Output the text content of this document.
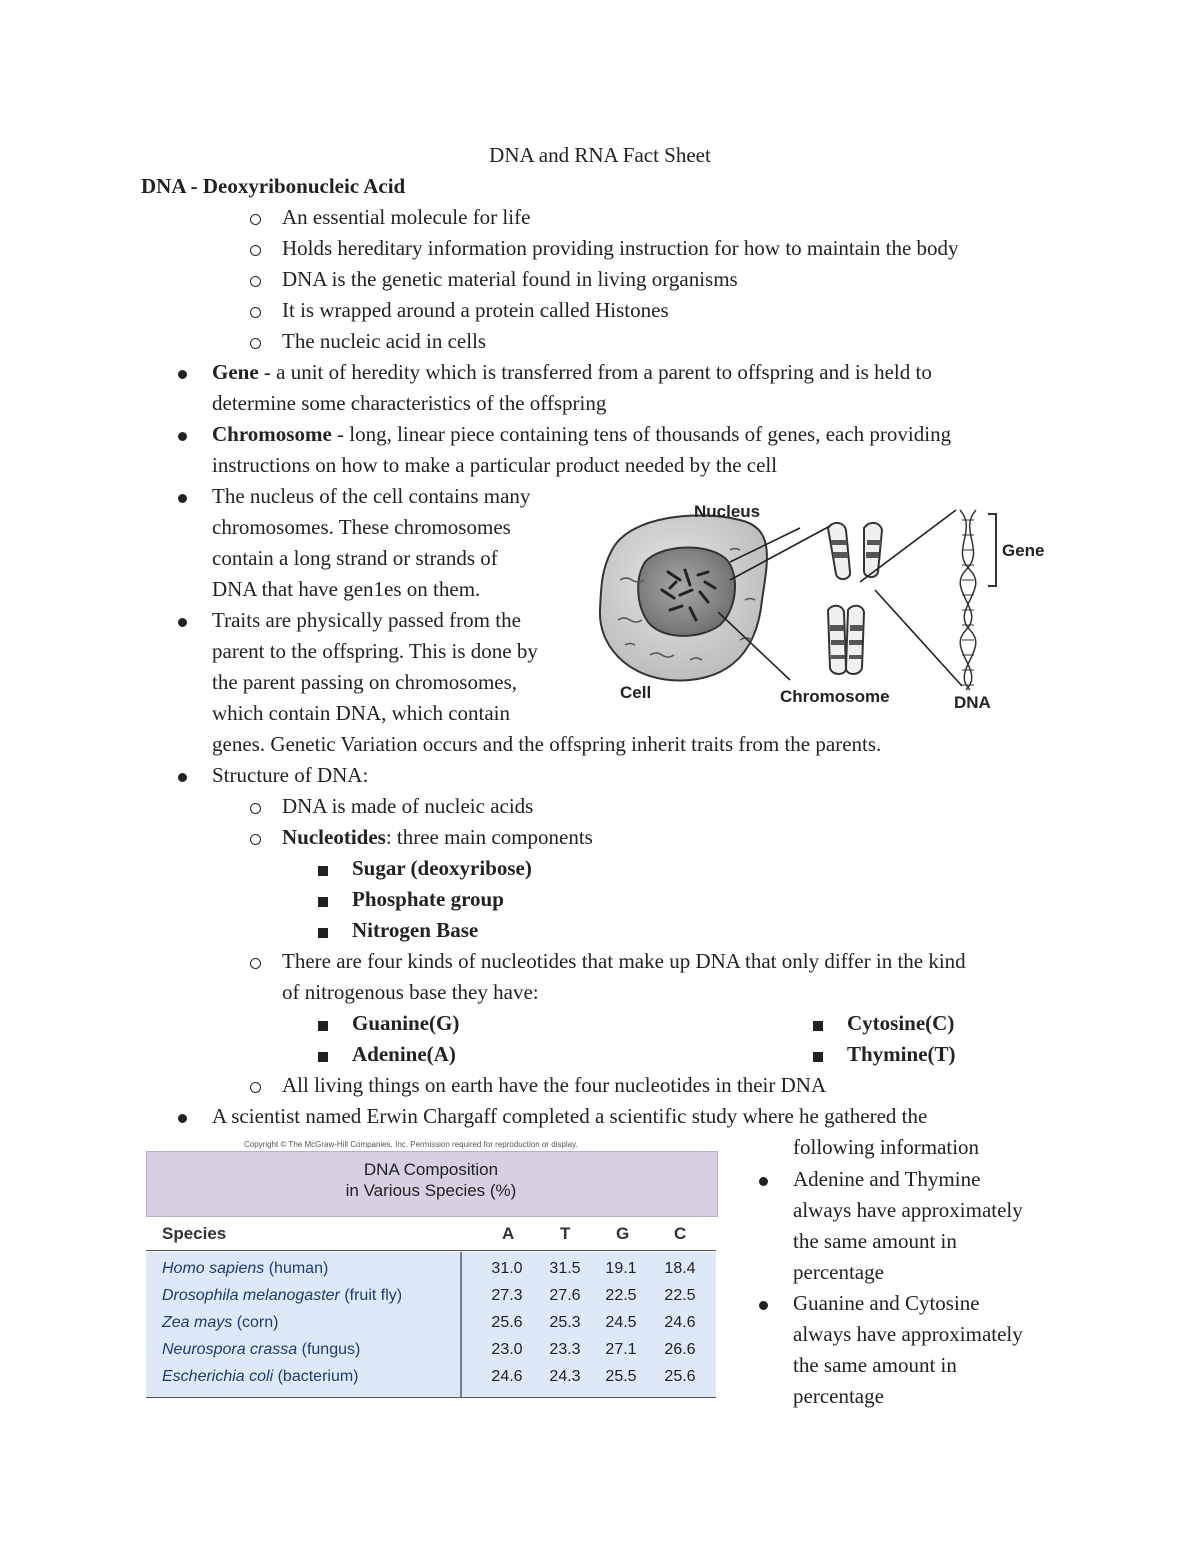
DNA and RNA Fact Sheet
DNA - Deoxyribonucleic Acid
An essential molecule for life
Holds hereditary information providing instruction for how to maintain the body
DNA is the genetic material found in living organisms
It is wrapped around a protein called Histones
The nucleic acid in cells
Gene - a unit of heredity which is transferred from a parent to offspring and is held to
determine some characteristics of the offspring
Chromosome - long, linear piece containing tens of thousands of genes, each providing
instructions on how to make a particular product needed by the cell
The nucleus of the cell contains many
chromosomes. These chromosomes
contain a long strand or strands of
DNA that have gen1es on them.
Traits are physically passed from the
parent to the offspring. This is done by
the parent passing on chromosomes,
which contain DNA, which contain
genes. Genetic Variation occurs and the offspring inherit traits from the parents.
Nucleus
Gene
Cell	Chromosome	DNA
Structure of DNA:
DNA is made of nucleic acids
Nucleotides: three main components
Sugar (deoxyribose)
Phosphate group
Nitrogen Base
There are four kinds of nucleotides that make up DNA that only differ in the kind
of nitrogenous base they have:
Guanine(G)
Adenine(A)
Cytosine(C)
Thymine(T)
All living things on earth have the four nucleotides in their DNA
A scientist named Erwin Chargaff completed a scientific study where he gathered the
following information
Adenine and Thymine
always have approximately
the same amount in
percentage
Guanine and Cytosine
always have approximately
the same amount in
percentage
Copyright © The McGraw-Hill Companies, Inc. Permission required for reproduction or display.
DNA Composition
in Various Species (%)
Species	A	T	G	C
Homo sapiens (human)	31.0 31.5 19.1 18.4
Drosophila melanogaster (fruit fly)	27.3 27.6 22.5 22.5
Zea mays (corn)	25.6 25.3 24.5 24.6
Neurospora crassa (fungus)	23.0 23.3 27.1 26.6
Escherichia coli (bacterium)	24.6 24.3 25.5 25.6
